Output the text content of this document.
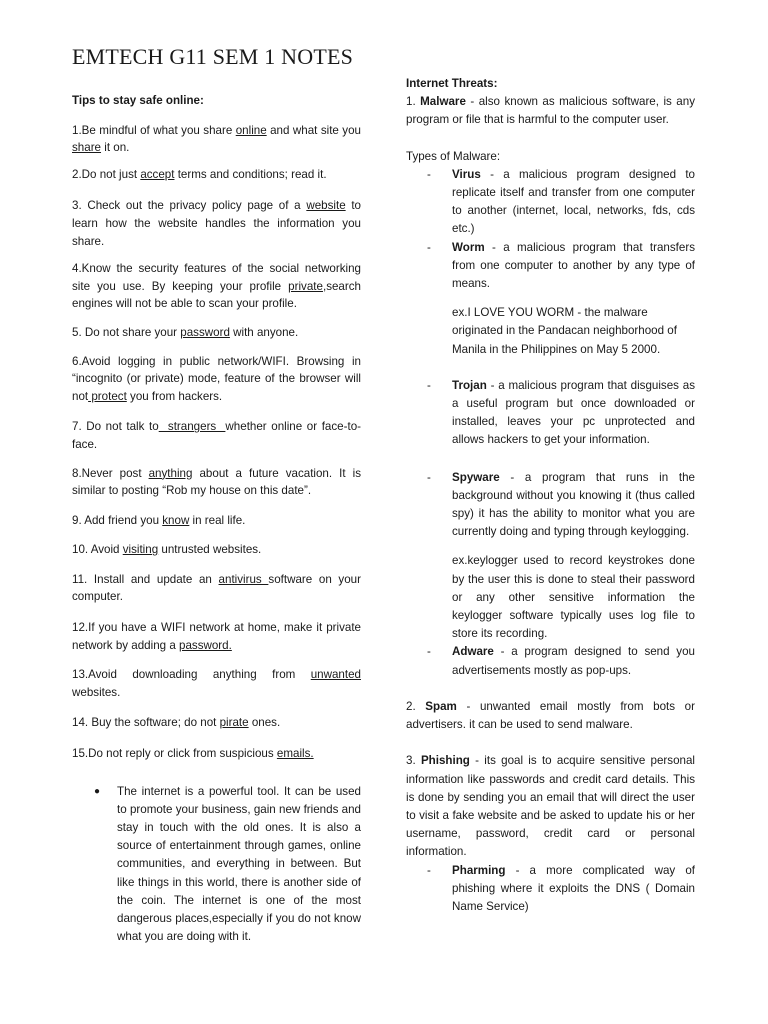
EMTECH G11 SEM 1 NOTES

Tips to stay safe online:

1.Be mindful of what you share online and what site you share it on.

2.Do not just accept terms and conditions; read it.

3. Check out the privacy policy page of a website to learn how the website handles the information you share.

4.Know the security features of the social networking site you use. By keeping your profile private,search engines will not be able to scan your profile.

5. Do not share your password with anyone.

6.Avoid logging in public network/WIFI. Browsing in “incognito (or private) mode, feature of the browser will not protect you from hackers.

7. Do not talk to  strangers  whether online or face-to-face.

8.Never post anything about a future vacation. It is similar to posting “Rob my house on this date”.

9. Add friend you know in real life.

10. Avoid visiting untrusted websites.

11. Install and update an antivirus software on your computer.

12.If you have a WIFI network at home, make it private network by adding a password.

13.Avoid downloading anything from unwanted websites.

14. Buy the software; do not pirate ones.

15.Do not reply or click from suspicious emails.

●	The internet is a powerful tool. It can be used to promote your business, gain new friends and stay in touch with the old ones. It is also a source of entertainment through games, online communities, and everything in between. But like things in this world, there is another side of the coin. The internet is one of the most dangerous places,especially if you do not know what you are doing with it.

Internet Threats:

1. Malware - also known as malicious software, is any program or file that is harmful to the computer user.

Types of Malware:

-	Virus - a malicious program designed to replicate itself and transfer from one computer to another (internet, local, networks, fds, cds etc.)
-	Worm - a malicious program that transfers from one computer to another by any type of means.

ex.I LOVE YOU WORM - the malware originated in the Pandacan neighborhood of Manila in the Philippines on May 5 2000.

-	Trojan - a malicious program that disguises as a useful program but once downloaded or installed, leaves your pc unprotected and allows hackers to get your information.
-	Spyware - a program that runs in the background without you knowing it (thus called spy) it has the ability to monitor what you are currently doing and typing through keylogging.

ex.keylogger used to record keystrokes done by the user this is done to steal their password or any other sensitive information the keylogger software typically uses log file to store its recording.

-	Adware - a program designed to send you advertisements mostly as pop-ups.

2. Spam - unwanted email mostly from bots or advertisers. it can be used to send malware.

3. Phishing - its goal is to acquire sensitive personal information like passwords and credit card details. This is done by sending you an email that will direct the user to visit a fake website and be asked to update his or her username, password, credit card or personal information.

-	Pharming - a more complicated way of phishing where it exploits the DNS ( Domain Name Service)
